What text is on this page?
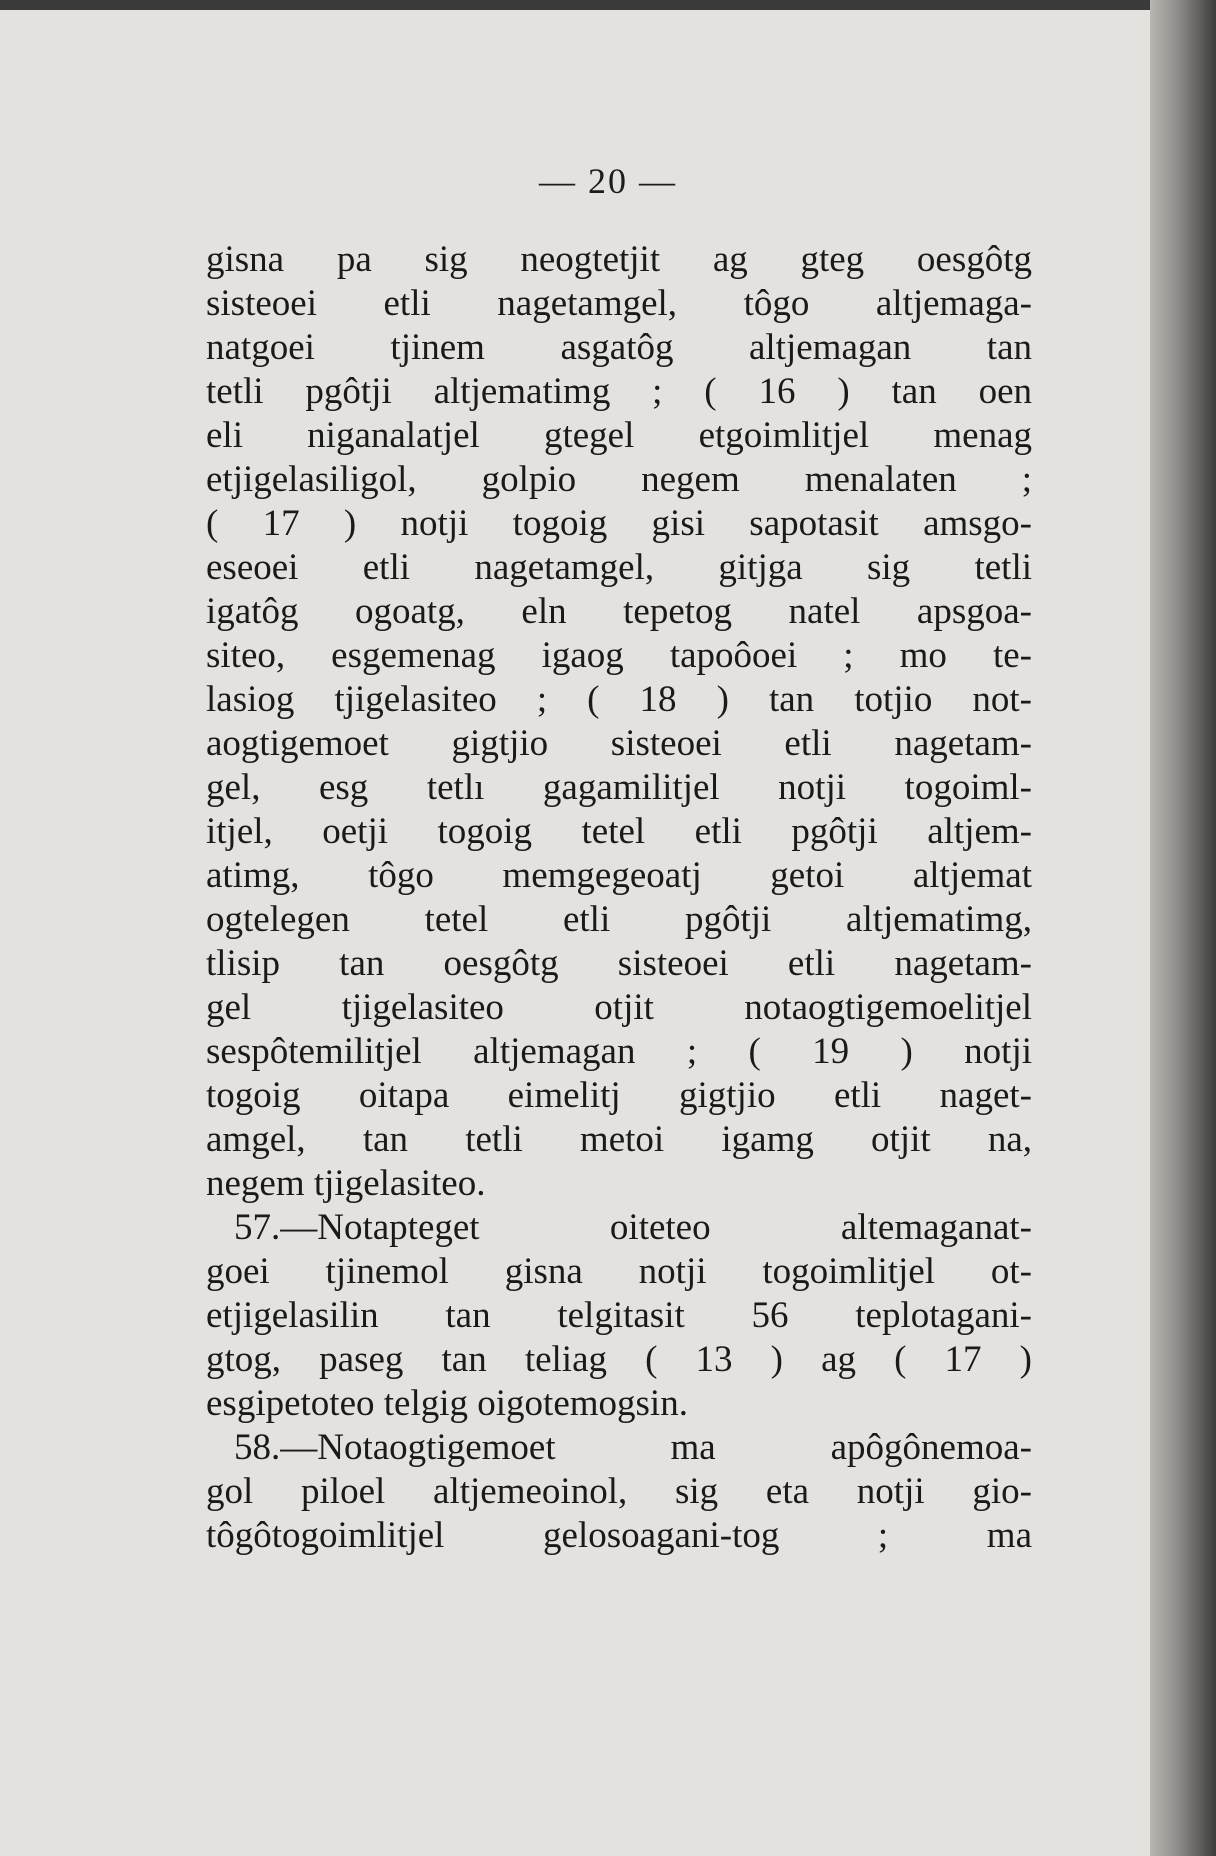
— 20 —
gisna pa sig neogtetjit ag gteg oesgôtg
sisteoei etli nagetamgel, tôgo altjemaga-
natgoei tjinem asgatôg altjemagan tan
tetli pgôtji altjematimg ; ( 16 ) tan oen
eli niganalatjel gtegel etgoimlitjel menag
etjigelasiligol, golpio negem menalaten ;
( 17 ) notji togoig gisi sapotasit amsgo-
eseoei etli nagetamgel, gitjga sig tetli
igatôg ogoatg, eln tepetog natel apsgoa-
siteo, esgemenag igaog tapoôoei ; mo te-
lasiog tjigelasiteo ; ( 18 ) tan totjio not-
aogtigemoet gigtjio sisteoei etli nagetam-
gel, esg tetlı gagamilitjel notji togoiml-
itjel, oetji togoig tetel etli pgôtji altjem-
atimg, tôgo memgegeoatj getoi altjemat
ogtelegen tetel etli pgôtji altjematimg,
tlisip tan oesgôtg sisteoei etli nagetam-
gel tjigelasiteo otjit notaogtigemoelitjel
sespôtemilitjel altjemagan ; ( 19 ) notji
togoig oitapa eimelitj gigtjio etli naget-
amgel, tan tetli metoi igamg otjit na,
negem tjigelasiteo.
57.—Notapteget oiteteo altemaganat-
goei tjinemol gisna notji togoimlitjel ot-
etjigelasilin tan telgitasit 56 teplotagani-
gtog, paseg tan teliag ( 13 ) ag ( 17 )
esgipetoteo telgig oigotemogsin.
58.—Notaogtigemoet ma apôgônemoa-
gol piloel altjemeoinol, sig eta notji gio-
tôgôtogoimlitjel gelosoagani-tog ; ma
